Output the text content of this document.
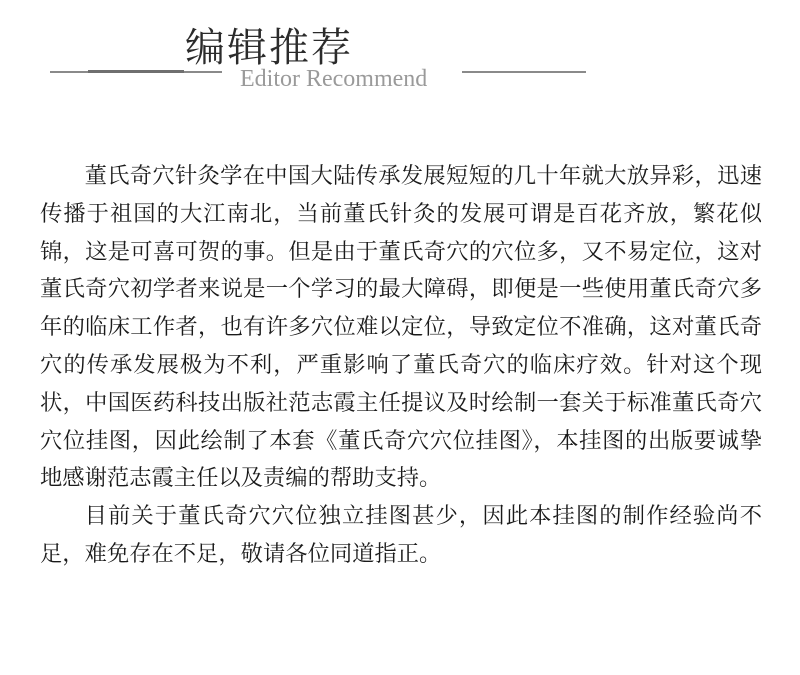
编辑推荐
Editor Recommend

董氏奇穴针灸学在中国大陆传承发展短短的几十年就大放异彩，迅速传播于祖国的大江南北，当前董氏针灸的发展可谓是百花齐放，繁花似锦，这是可喜可贺的事。但是由于董氏奇穴的穴位多，又不易定位，这对董氏奇穴初学者来说是一个学习的最大障碍，即便是一些使用董氏奇穴多年的临床工作者，也有许多穴位难以定位，导致定位不准确，这对董氏奇穴的传承发展极为不利，严重影响了董氏奇穴的临床疗效。针对这个现状，中国医药科技出版社范志霞主任提议及时绘制一套关于标准董氏奇穴穴位挂图，因此绘制了本套《董氏奇穴穴位挂图》，本挂图的出版要诚挚地感谢范志霞主任以及责编的帮助支持。

目前关于董氏奇穴穴位独立挂图甚少，因此本挂图的制作经验尚不足，难免存在不足，敬请各位同道指正。
